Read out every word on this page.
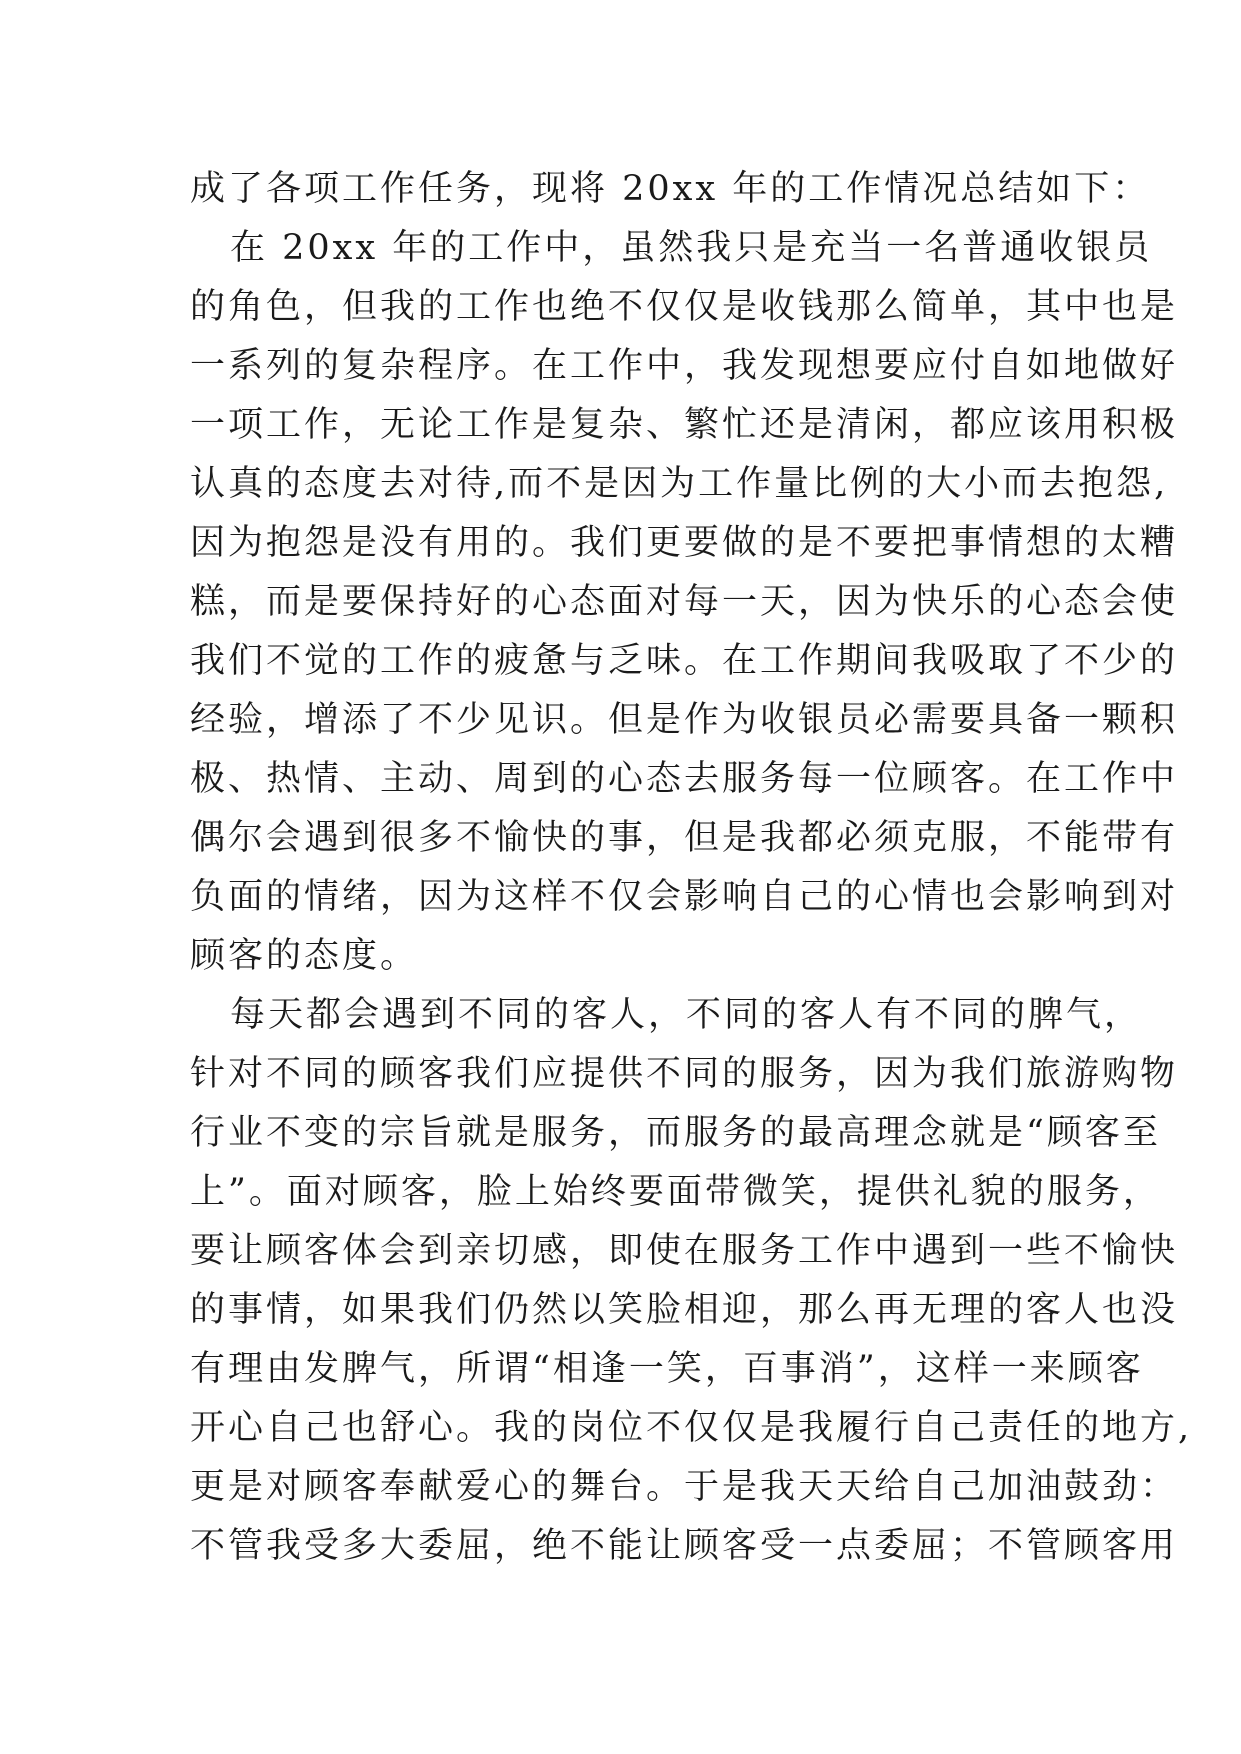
成了各项工作任务，现将 20xx 年的工作情况总结如下：
在 20xx 年的工作中，虽然我只是充当一名普通收银员
的角色，但我的工作也绝不仅仅是收钱那么简单，其中也是
一系列的复杂程序。在工作中，我发现想要应付自如地做好
一项工作，无论工作是复杂、繁忙还是清闲，都应该用积极
认真的态度去对待,而不是因为工作量比例的大小而去抱怨,
因为抱怨是没有用的。我们更要做的是不要把事情想的太糟
糕，而是要保持好的心态面对每一天，因为快乐的心态会使
我们不觉的工作的疲惫与乏味。在工作期间我吸取了不少的
经验，增添了不少见识。但是作为收银员必需要具备一颗积
极、热情、主动、周到的心态去服务每一位顾客。在工作中
偶尔会遇到很多不愉快的事，但是我都必须克服，不能带有
负面的情绪，因为这样不仅会影响自己的心情也会影响到对
顾客的态度。
每天都会遇到不同的客人，不同的客人有不同的脾气，
针对不同的顾客我们应提供不同的服务，因为我们旅游购物
行业不变的宗旨就是服务，而服务的最高理念就是“顾客至
上”。面对顾客，脸上始终要面带微笑，提供礼貌的服务，
要让顾客体会到亲切感，即使在服务工作中遇到一些不愉快
的事情，如果我们仍然以笑脸相迎，那么再无理的客人也没
有理由发脾气，所谓“相逢一笑，百事消”，这样一来顾客
开心自己也舒心。我的岗位不仅仅是我履行自己责任的地方,
更是对顾客奉献爱心的舞台。于是我天天给自己加油鼓劲：
不管我受多大委屈，绝不能让顾客受一点委屈；不管顾客用
